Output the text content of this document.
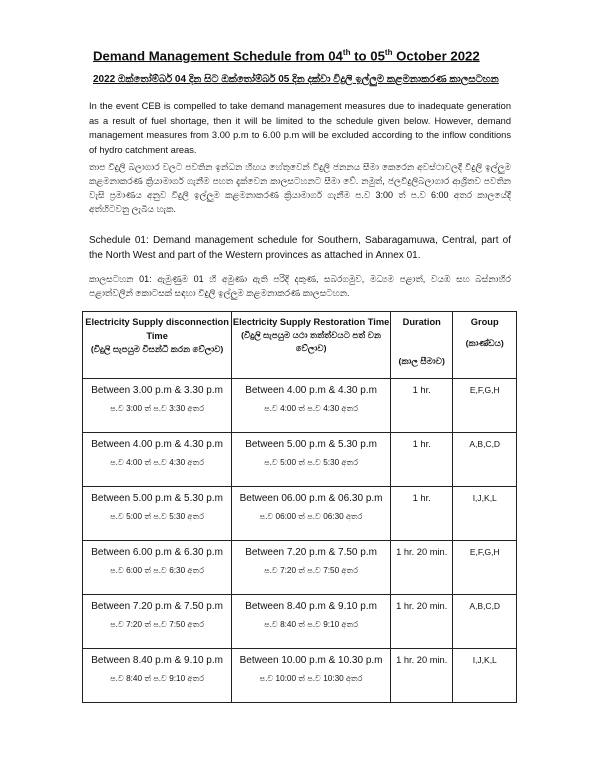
Demand Management Schedule from 04th to 05th October 2022
2022 ඔක්තෝම්බර් 04 දින සිට ඔක්තෝම්බර් 05 දින දක්වා විදුලි ඉල්ලුම කළමනාකරණ කාලසටහන
In the event CEB is compelled to take demand management measures due to inadequate generation as a result of fuel shortage, then it will be limited to the schedule given below. However, demand management measures from 3.00 p.m to 6.00 p.m will be excluded according to the inflow conditions of hydro catchment areas.
තාප විදුලි බලාගාර වලට පවතින ඉන්ධන හිඟය හේතුවෙන් විදුලි ජනනය සීමා කෙරෙන අවස්ථාවලදී විදුලි ඉල්ලුම කළමනාකරණ ක්‍රියාමාර්ග ගැනීම පහත දැක්වෙන කාලසටහනට සීමා වේ. නමුත්, ජලවිදුලිබලාගාර ආශ්‍රිතව පවතින වැසි ප්‍රමාණය අනුව විදුලි ඉල්ලුම කළමනාකරණ ක්‍රියාමාර්ග ගැනීම ප.ව 3:00 ත් ප.ව 6:00 අතර කාලයේදී අත්හිටවනු ලැබිය හැක.
Schedule 01: Demand management schedule for Southern, Sabaragamuwa, Central, part of the North West and part of the Western provinces as attached in Annex 01.
කාලසටහන 01: ඇමුණුම 01 හි අමුණා ඇති පරිදි දකුණ, සබරගමුව, මධ්‍යම පළාත්, වයඹ සහ බස්නාහිර පළාත්වලින් කොටසක් සඳහා විදුලි ඉල්ලුම කළමනාකරණ කාලසටහන.
Electricity Supply disconnection Time
(විදුලි සැපයුම විසන්ධි කරන වේලාව)	Electricity Supply Restoration Time
(විදුලි සැපයුම යථා තත්ත්වයට පත් වන වේලාව)	Duration
(කාල සීමාව)	Group
(කාණ්ඩය)

Between 3.00 p.m & 3.30 p.m
ප.ව 3:00 ත් ප.ව 3:30 අතර	Between 4.00 p.m & 4.30 p.m
ප.ව 4:00 ත් ප.ව 4:30 අතර	1 hr.	E,F,G,H

Between 4.00 p.m & 4.30 p.m
ප.ව 4:00 ත් ප.ව 4:30 අතර	Between 5.00 p.m & 5.30 p.m
ප.ව 5:00 ත් ප.ව 5:30 අතර	1 hr.	A,B,C,D

Between 5.00 p.m & 5.30 p.m
ප.ව 5:00 ත් ප.ව 5:30 අතර	Between 06.00 p.m & 06.30 p.m
ප.ව 06:00 ත් ප.ව 06:30 අතර	1 hr.	I,J,K,L

Between 6.00 p.m & 6.30 p.m
ප.ව 6:00 ත් ප.ව 6:30 අතර	Between 7.20 p.m & 7.50 p.m
ප.ව 7:20 ත් ප.ව 7:50 අතර	1 hr. 20 min.	E,F,G,H

Between 7.20 p.m & 7.50 p.m
ප.ව 7:20 ත් ප.ව 7:50 අතර	Between 8.40 p.m & 9.10 p.m
ප.ව 8:40 ත් ප.ව 9:10 අතර	1 hr. 20 min.	A,B,C,D

Between 8.40 p.m & 9.10 p.m
ප.ව 8:40 ත් ප.ව 9:10 අතර	Between 10.00 p.m & 10.30 p.m
ප.ව 10:00 ත් ප.ව 10:30 අතර	1 hr. 20 min.	I,J,K,L
